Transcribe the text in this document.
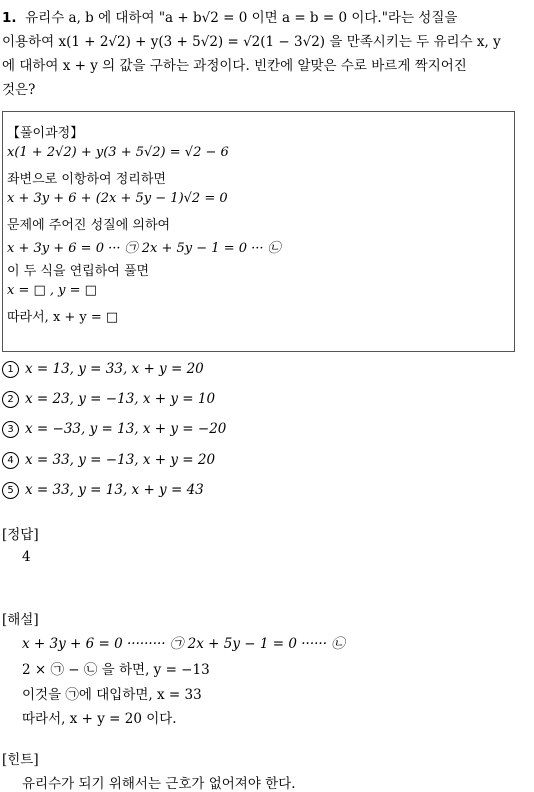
1. 유리수 a, b 에 대하여 "a + b√2 = 0 이면 a = b = 0 이다."라는 성질을

이용하여 x(1 + 2√2) + y(3 + 5√2) = √2(1 − 3√2) 을 만족시키는 두 유리수 x, y

에 대하여 x + y 의 값을 구하는 과정이다. 빈칸에 알맞은 수로 바르게 짝지어진

것은?

【풀이과정】
x(1 + 2√2) + y(3 + 5√2) = √2 − 6
좌변으로 이항하여 정리하면
x + 3y + 6 + (2x + 5y − 1)√2 = 0
문제에 주어진 성질에 의하여
x + 3y + 6 = 0 ··· ㉠ 2x + 5y − 1 = 0 ··· ㉡
이 두 식을 연립하여 풀면
x = □ , y = □
따라서, x + y = □
1 x = 13, y = 33, x + y = 20
2 x = 23, y = −13, x + y = 10
3 x = −33, y = 13, x + y = −20
4 x = 33, y = −13, x + y = 20
5 x = 33, y = 13, x + y = 43
[정답]
4
[해설]
x + 3y + 6 = 0 ········· ㉠ 2x + 5y − 1 = 0 ······ ㉡
2 × ㉠ − ㉡ 을 하면, y = −13
이것을 ㉠에 대입하면, x = 33
따라서, x + y = 20 이다.
[힌트]
유리수가 되기 위해서는 근호가 없어져야 한다.
